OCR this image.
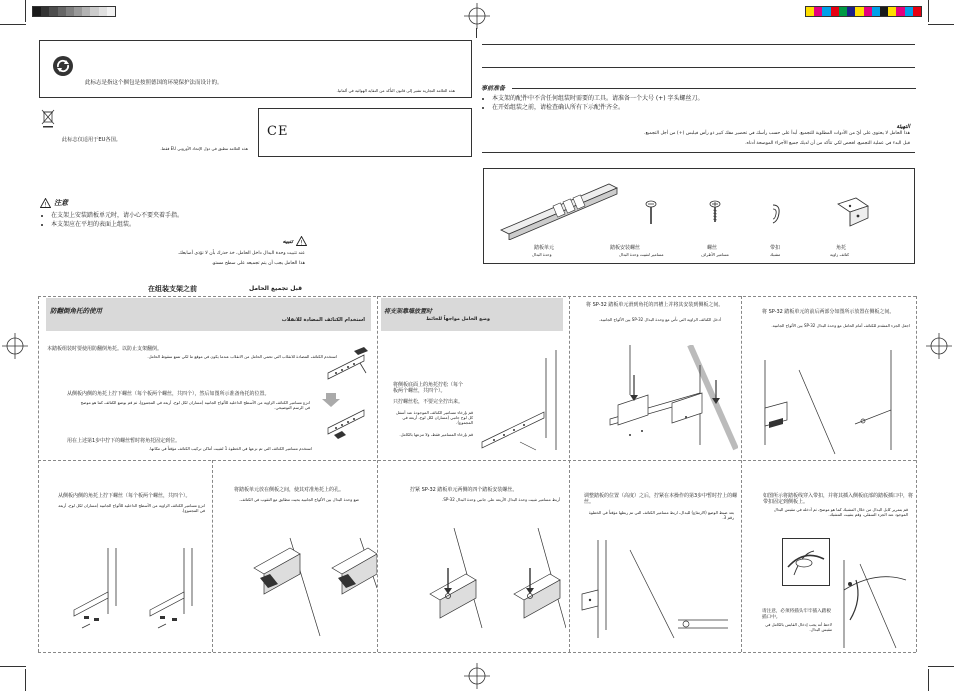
此标志是指这个捆包是按照德国的环境保护法而设计的。
هذه العلامة التجارية تشير إلى قانون التأكد من النفاية الهوائية في ألمانيا.
此标志仅适用于EU各国。
هذه العلامة تنطبق في دول الإتحاد الأوروبي EU فقط.
CE
! 注意
• 在支架上安装踏板单元时，请小心不要夹着手指。
• 本支架应在平坦的表面上组装。
!
تنبيه
عند تثبيت وحدة البدال داخل الحامل، خذ حذرك بأن لا تؤذي أصابعك.
هذا الحامل يجب أن يتم تجميعه على سطح مستو.
事前准备
• 本支架的配件中不含任何组装时需要的工具。请准备一个大号 (+) 字头螺丝刀。
• 在开始组装之前，请检查确认所有下示配件齐全。
التهيئة
هذا الحامل لا يحتوي على أيّ من الأدوات المطلوبة للتجميع. أبدأ على حسب رأسك في تحضير مفك كبير ذو رأس فيلبس (+) من أجل التجميع.
قبل البدء في عملية التجميع، افحص لكي تتأكد من أن لديك جميع الأجزاء الموضحة أدناه.
踏板单元
وحدة البدال
踏板安装螺丝
مسامير لتثبيت وحدة البدال
螺丝
مسامير الأطراف
带扣
مشبك
角托
كتائف زاوية
在组装支架之前	قبل تجميع الحامل
防翻倒角托的使用
استخدام الكتائف المضادة للانقلاب
本踏板组装时要使用防翻倒角托。以防止支架翻倒。
استخدم الكتائف المضادة للانقلاب التي تحمي الحامل من الانقلاب عندما يكون في موقع ما لكي تمنع سقوط الحامل.
从侧板内侧的角托上拧下螺丝（每个板两个螺丝，共四个），然后如图所示准备角托的位置。
انزع مسامير الكتائف الزاوية من الأسطح الداخلية للألواح الجانبية (مساران لكل لوح، أربعة في المجموع)، ثم قم بوضع الكتائف كما هو موضح في الرسم التوضيحي.
用在上述第1步中拧下的螺丝暂时将角托固定到位。
استخدم مسامير الكتائف التي تم نزعها في الخطوة 1 لتثبيت أماكن تركيب الكتائف مؤقتاً في مكانها.
将支架靠墙放置时
وضع الحامل مواجهاً للحائط
将侧板底面上的角托拧松（每个板两个螺丝，共四个）。
只拧螺丝松，不要完全拧出来。
قم بإرخاء مسامير الكتائف الموجودة عند أسفل كل لوح جانبي (مساران لكل لوح، أربعة في المجموع).
قم بإرخاء المسامير فقط، ولا تنزعها بالكامل.
将 SP-32 踏板单元滑到角托的凹槽上并将其安装到侧板之间。
أدخل الكتائف الزاوية التي تأتي مع وحدة البدال SP-32 بين الألواح الجانبية.
将 SP-32 踏板单元的前后两部分如图所示放置在侧板之间。
اجعل الجزء المتقدم للكتائف أمام الحامل مع وحدة البدال SP-32 بين الألواح الجانبية.
从侧板内侧的角托上拧下螺丝（每个板两个螺丝，共四个）。
انزع مسامير الكتائف الزاوية من الأسطح الداخلية للألواح الجانبية (مساران لكل لوح، أربعة في المجموع).
将踏板单元放在侧板之间，使其对准角托上的孔。
ضع وحدة البدال بين الألواح الجانبية بحيث تتطابق مع الثقوب في الكتائف.
拧紧 SP-32 踏板单元两侧的四个踏板安装螺丝。
أربط مسامير تثبيت وحدة البدال الأربعة على جانبي وحدة البدال SP-32.
调整踏板的位置（高度）之后，拧紧在本操作的第3步中暂时拧上的螺丝。
بعد ضبط الوضع (الارتفاع) للبدال، اربط مسامير الكتائف التي تم ربطها مؤقتاً في الخطوة رقم 3.
如图所示将踏板线穿入带扣，并将其插入侧板底部的踏板插口中，将带扣固定到侧板上。
قم بتمرير كابل البدال من خلال المشبك كما هو موضح، ثم أدخله في مقبس البدال الموجود عند الجزء السفلي، وقم بتثبيت المشبك.
请注意，必须将插头牢牢插入踏板插口中。
لاحظ أنه يجب إدخال القابس بالكامل في مقبس البدال.
